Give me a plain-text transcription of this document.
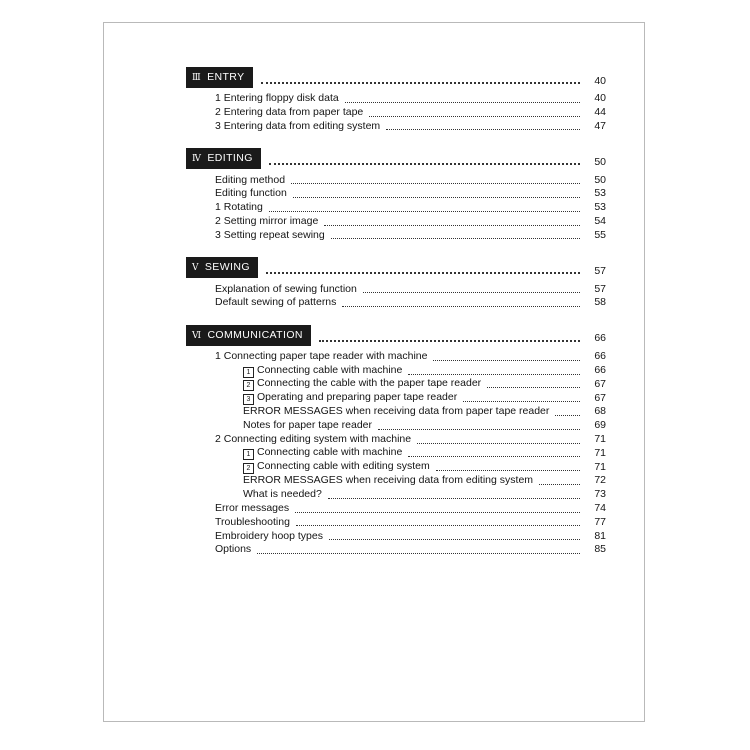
Ⅲ ENTRY	40
1 Entering floppy disk data	40
2 Entering data from paper tape	44
3 Entering data from editing system	47
Ⅳ EDITING	50
Editing method	50
Editing function	53
1 Rotating	53
2 Setting mirror image	54
3 Setting repeat sewing	55
Ⅴ SEWING	57
Explanation of sewing function	57
Default sewing of patterns	58
Ⅵ COMMUNICATION	66
1 Connecting paper tape reader with machine	66
1 Connecting cable with machine	66
2 Connecting the cable with the paper tape reader	67
3 Operating and preparing paper tape reader	67
ERROR MESSAGES when receiving data from paper tape reader	68
Notes for paper tape reader	69
2 Connecting editing system with machine	71
1 Connecting cable with machine	71
2 Connecting cable with editing system	71
ERROR MESSAGES when receiving data from editing system	72
What is needed?	73
Error messages	74
Troubleshooting	77
Embroidery hoop types	81
Options	85
